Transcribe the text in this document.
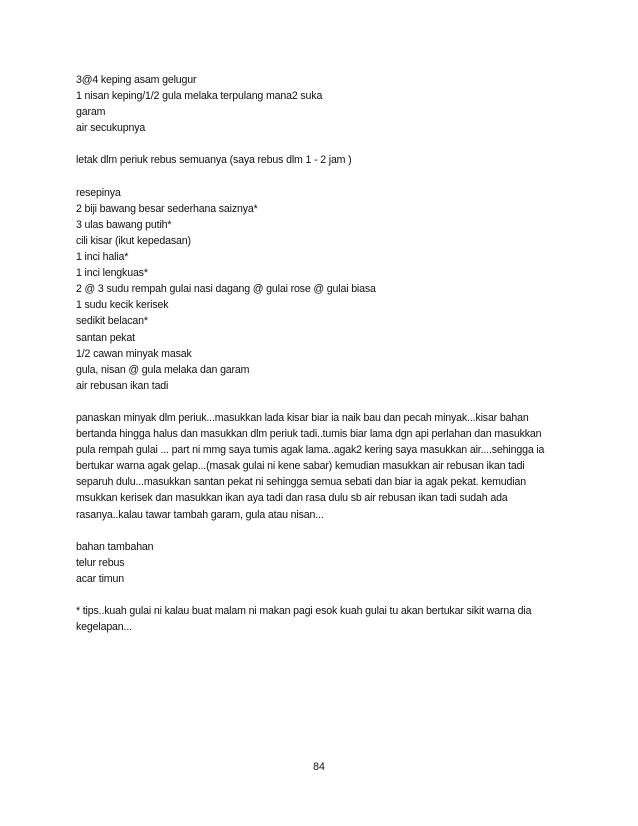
3@4 keping asam gelugur
1 nisan keping/1/2 gula melaka terpulang mana2 suka
garam
air secukupnya
letak dlm periuk rebus semuanya (saya rebus dlm 1 - 2 jam )
resepinya
2 biji bawang besar sederhana saiznya*
3 ulas bawang putih*
cili kisar (ikut kepedasan)
1 inci halia*
1 inci lengkuas*
2 @ 3 sudu rempah gulai nasi dagang @ gulai rose @ gulai biasa
1 sudu kecik kerisek
sedikit belacan*
santan pekat
1/2 cawan minyak masak
gula, nisan @ gula melaka dan garam
air rebusan ikan tadi
panaskan minyak dlm periuk...masukkan lada kisar biar ia naik bau dan pecah minyak...kisar bahan
bertanda hingga halus dan masukkan dlm periuk tadi..tumis biar lama dgn api perlahan dan masukkan
pula rempah gulai ... part ni mmg saya tumis agak lama..agak2 kering saya masukkan air....sehingga ia
bertukar warna agak gelap...(masak gulai ni kene sabar) kemudian masukkan air rebusan ikan tadi
separuh dulu...masukkan santan pekat ni sehingga semua sebati dan biar ia agak pekat. kemudian
msukkan kerisek dan masukkan ikan aya tadi dan rasa dulu sb air rebusan ikan tadi sudah ada
rasanya..kalau tawar tambah garam, gula atau nisan...
bahan tambahan
telur rebus
acar timun
* tips..kuah gulai ni kalau buat malam ni makan pagi esok kuah gulai tu akan bertukar sikit warna dia
kegelapan...
84
